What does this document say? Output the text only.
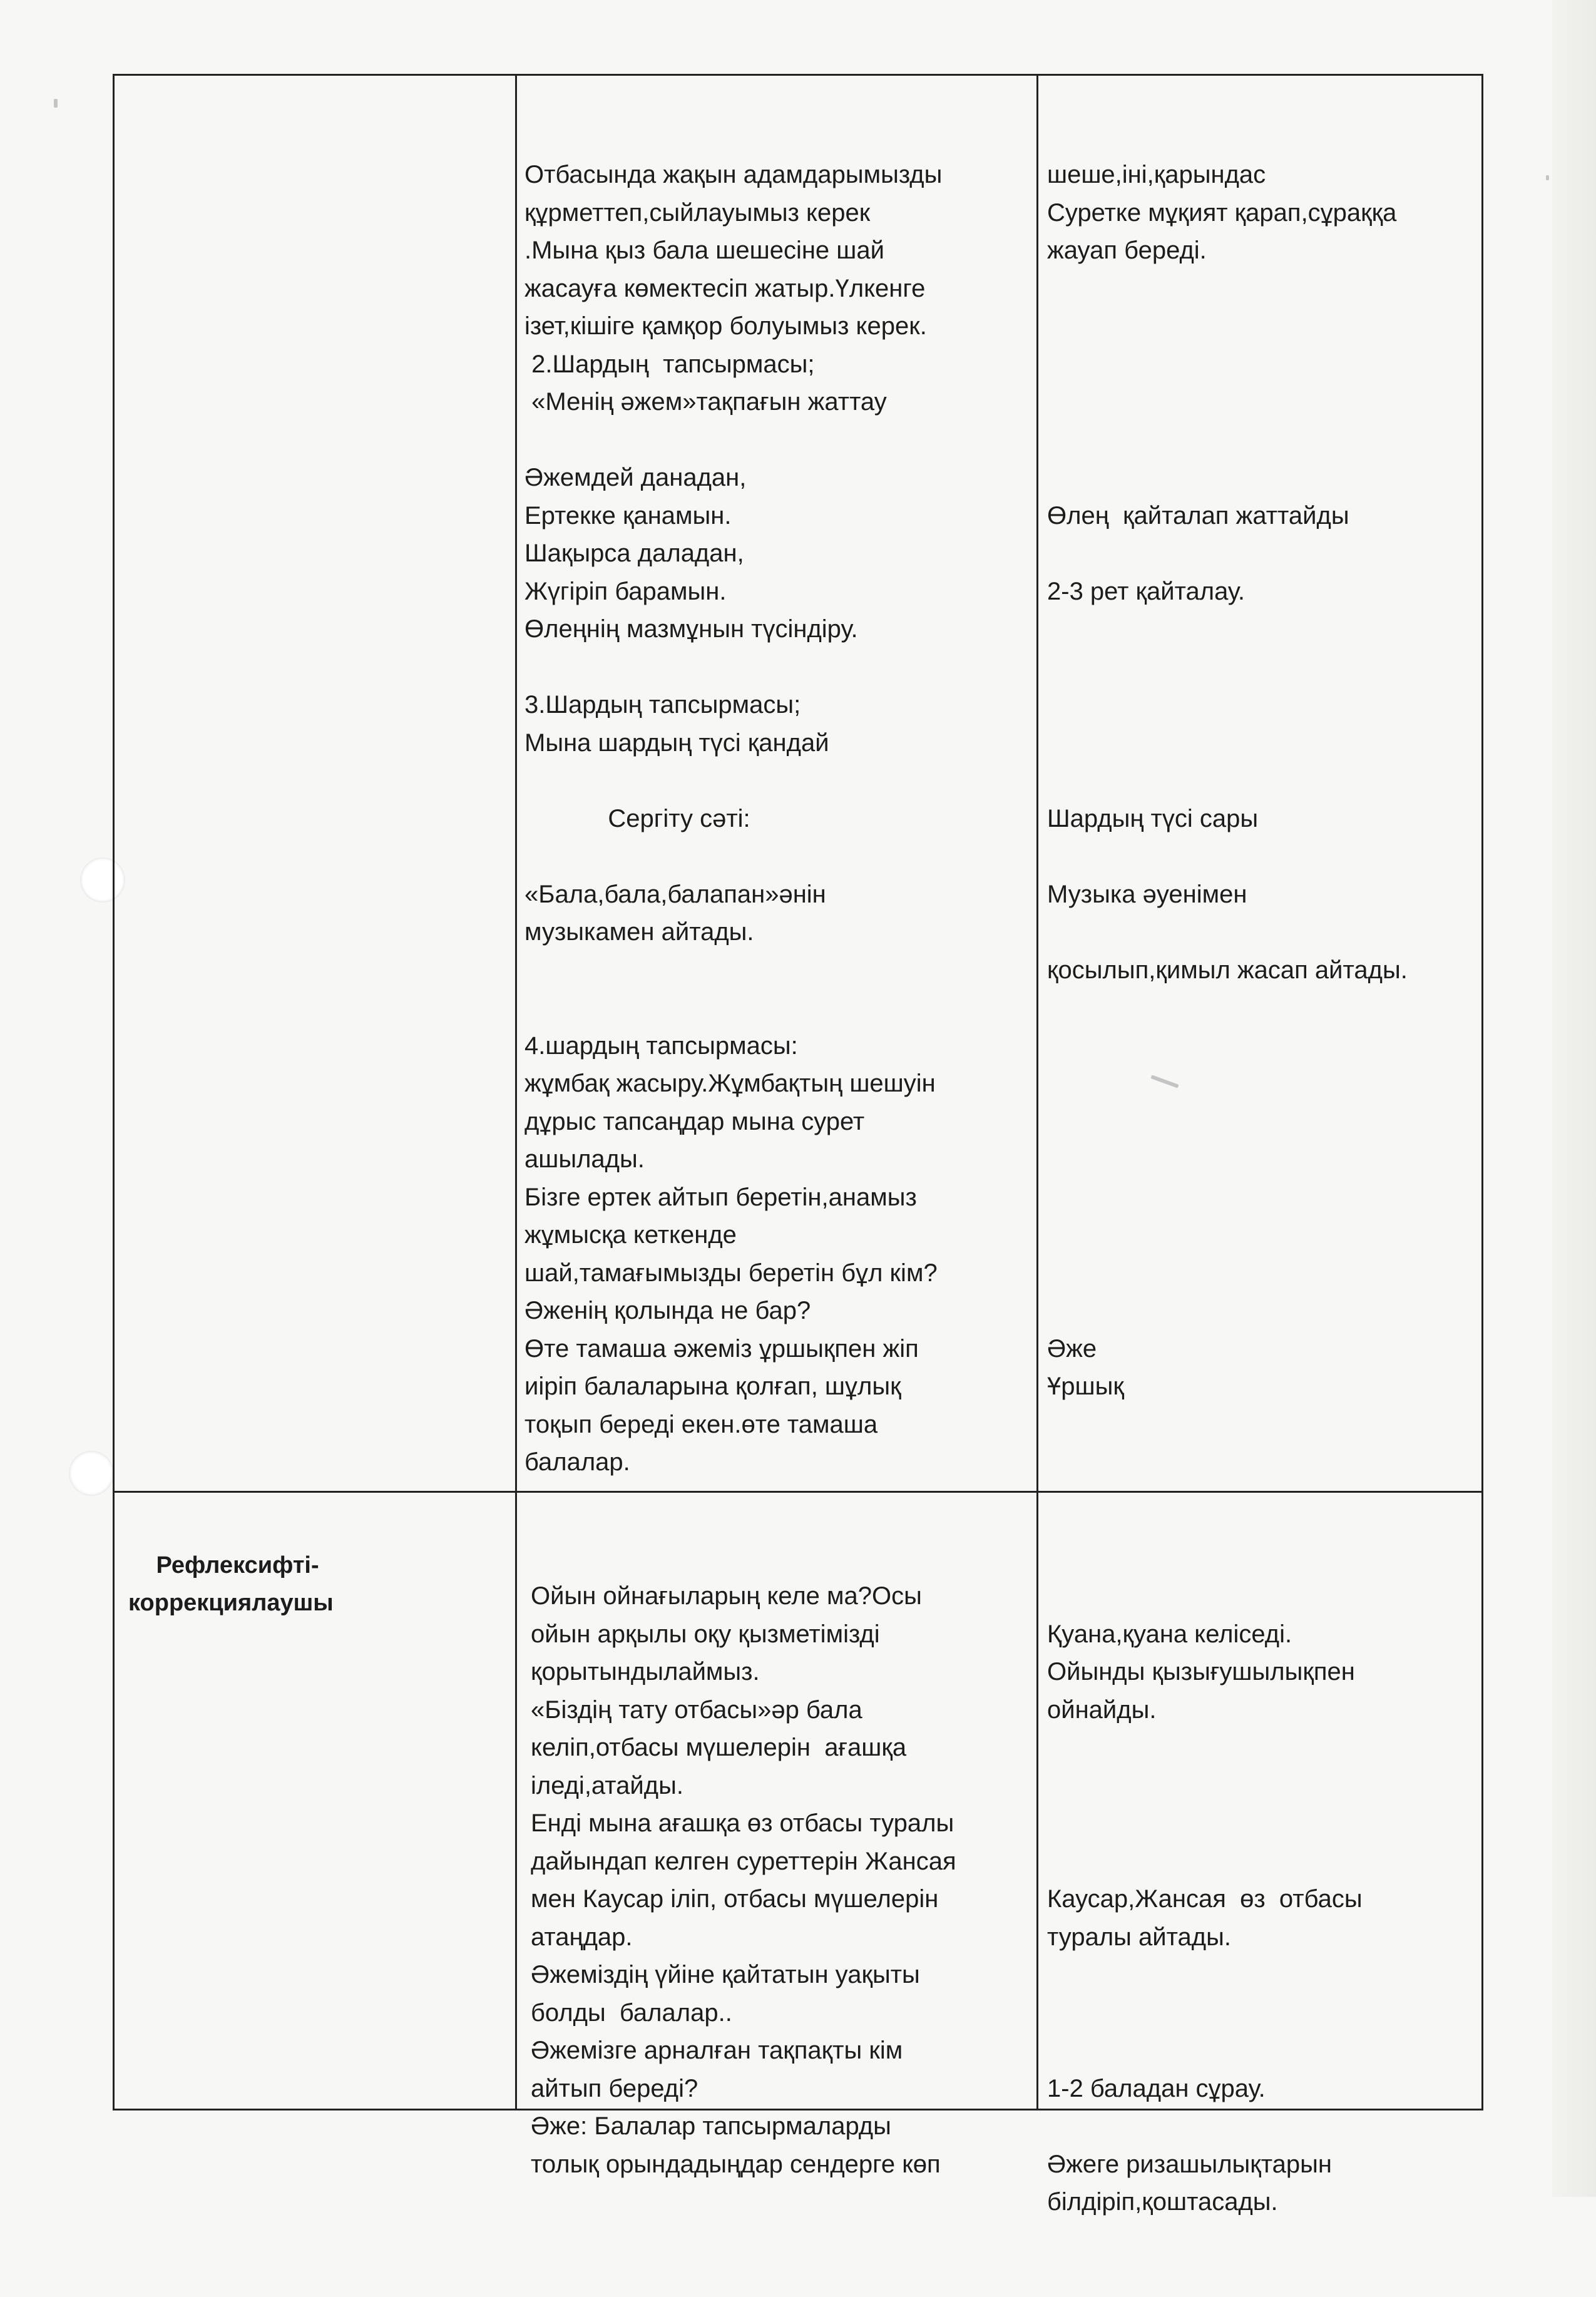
Отбасында жақын адамдарымызды
құрметтеп,сыйлауымыз керек
.Мына қыз бала шешесіне шай
жасауға көмектесіп жатыр.Үлкенге
ізет,кішіге қамқор болуымыз керек.
2.Шардың  тапсырмасы;
«Менің әжем»тақпағын жаттау
Әжемдей данадан,
Ертекке қанамын.
Шақырса даладан,
Жүгіріп барамын.
Өлеңнің мазмұнын түсіндіру.
3.Шардың тапсырмасы;
Мына шардың түсі қандай
Сергіту сәті:
«Бала,бала,балапан»әнін
музыкамен айтады.
4.шардың тапсырмасы:
жұмбақ жасыру.Жұмбақтың шешуін
дұрыс тапсаңдар мына сурет
ашылады.
Бізге ертек айтып беретін,анамыз
жұмысқа кеткенде
шай,тамағымызды беретін бұл кім?
Әженің қолында не бар?
Өте тамаша әжеміз ұршықпен жіп
иіріп балаларына қолғап, шұлық
тоқып береді екен.өте тамаша
балалар.

шеше,іні,қарындас
Суретке мұқият қарап,сұраққа
жауап береді.
Өлең  қайталап жаттайды
2-3 рет қайталау.
Шардың түсі сары
Музыка әуенімен
қосылып,қимыл жасап айтады.
Әже
Ұршық

Рефлексифті-
коррекциялаушы

	Ойын ойнағыларың келе ма?Осы
ойын арқылы оқу қызметімізді
қорытындылаймыз.
«Біздің тату отбасы»әр бала
келіп,отбасы мүшелерін  ағашқа
іледі,атайды.
Енді мына ағашқа өз отбасы туралы
дайындап келген суреттерін Жансая
мен Каусар іліп, отбасы мүшелерін
атаңдар.
Әжеміздің үйіне қайтатын уақыты
болды  балалар..
Әжемізге арналған тақпақты кім
айтып береді?
Әже: Балалар тапсырмаларды
толық орындадыңдар сендерге көп

Қуана,қуана келіседі.
Ойынды қызығушылықпен
ойнайды.
Каусар,Жансая  өз  отбасы
туралы айтады.
1-2 баладан сұрау.
Әжеге ризашылықтарын
білдіріп,қоштасады.
